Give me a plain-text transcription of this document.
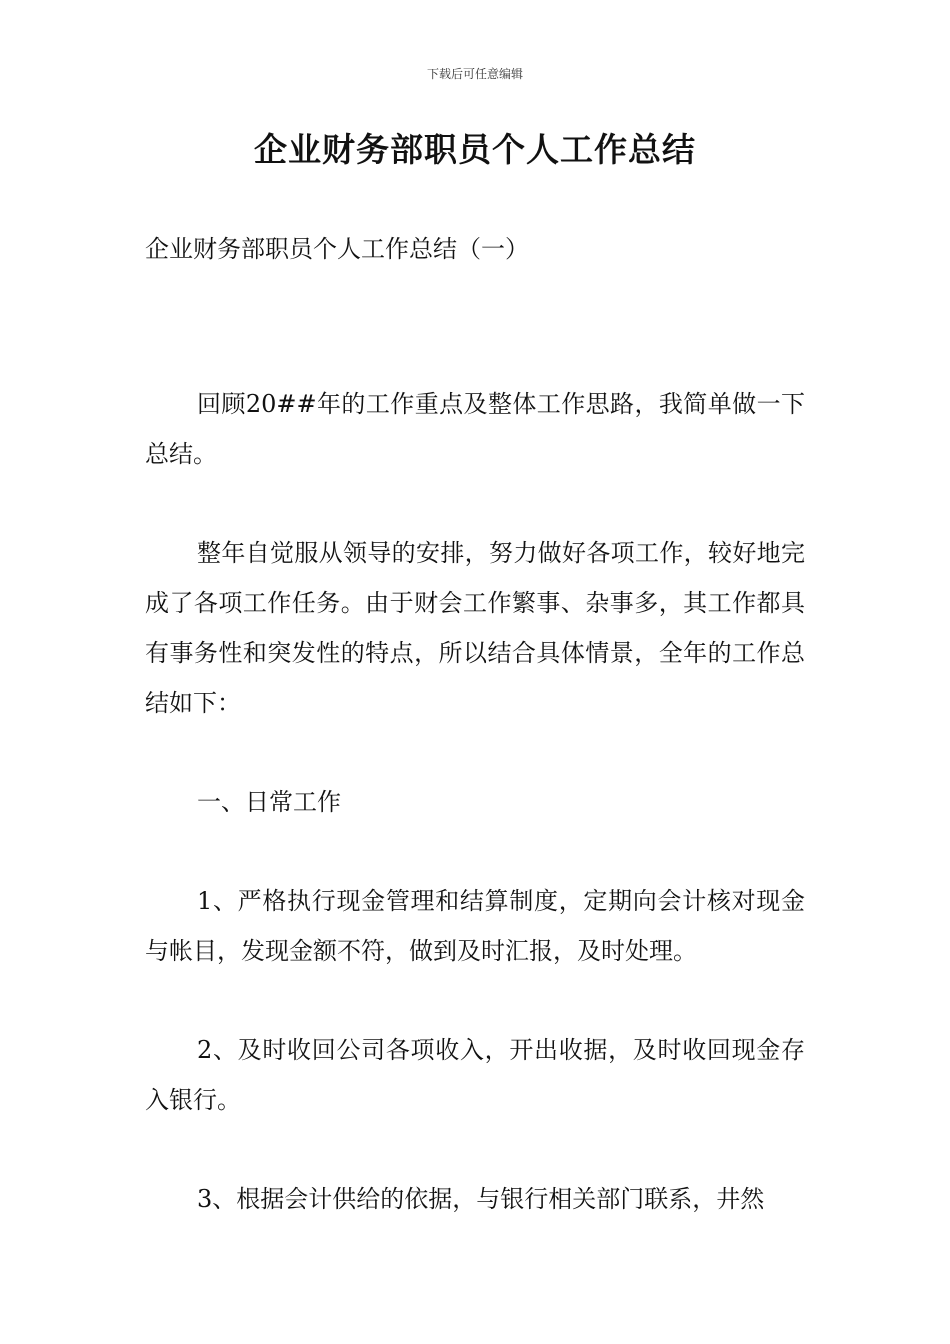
下载后可任意编辑
企业财务部职员个人工作总结
企业财务部职员个人工作总结（一）

回顾20##年的工作重点及整体工作思路，我简单做一下总结。

整年自觉服从领导的安排，努力做好各项工作，较好地完成了各项工作任务。由于财会工作繁事、杂事多，其工作都具有事务性和突发性的特点，所以结合具体情景，全年的工作总结如下：

一、日常工作

1、严格执行现金管理和结算制度，定期向会计核对现金与帐目，发现金额不符，做到及时汇报，及时处理。

2、及时收回公司各项收入，开出收据，及时收回现金存入银行。

3、根据会计供给的依据，与银行相关部门联系，井然
